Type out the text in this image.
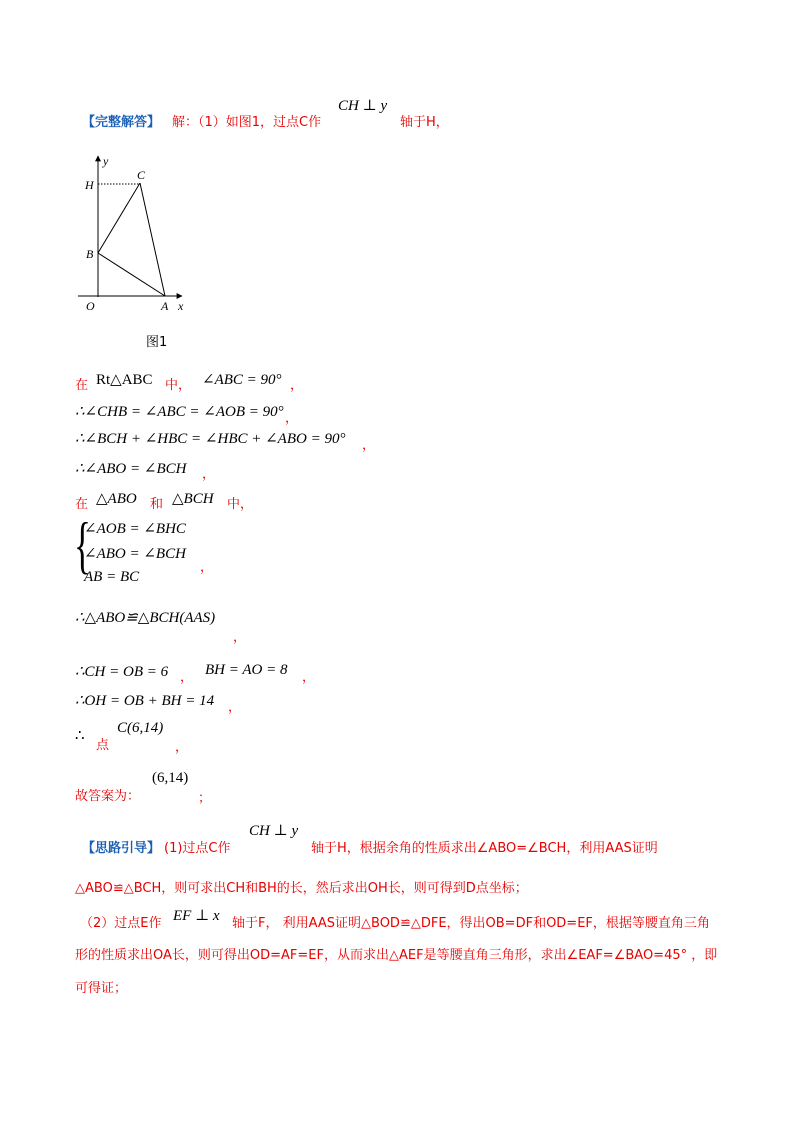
【完整解答】 解：（1）如图1，过点C作
CH ⊥ y
轴于H，
y
x
H
C
B
O	A
图1
在 Rt△ABC 中， ∠ABC = 90° ，
∴∠CHB = ∠ABC = ∠AOB = 90° ，
∴∠BCH + ∠HBC = ∠HBC + ∠ABO = 90° ，
∴∠ABO = ∠BCH ，
在 △ABO 和 △BCH 中，
{
∠AOB = ∠BHC
∠ABO = ∠BCH
AB = BC
，
∴△ABO≌△BCH(AAS)
，
∴CH = OB = 6 ， BH = AO = 8 ，
∴OH = OB + BH = 14 ，
∴
点
C(6,14)
，
故答案为：
(6,14)
；
【思路引导】 (1)过点C作
CH ⊥ y
轴于H，根据余角的性质求出∠ABO=∠BCH，利用AAS证明
△ABO≌△BCH，则可求出CH和BH的长，然后求出OH长，则可得到D点坐标；
（2）过点E作 EF ⊥ x 轴于F， 利用AAS证明△BOD≌△DFE，得出OB=DF和OD=EF，根据等腰直角三角
形的性质求出OA长，则可得出OD=AF=EF，从而求出△AEF是等腰直角三角形，求出∠EAF=∠BAO=45° ，即
可得证；
